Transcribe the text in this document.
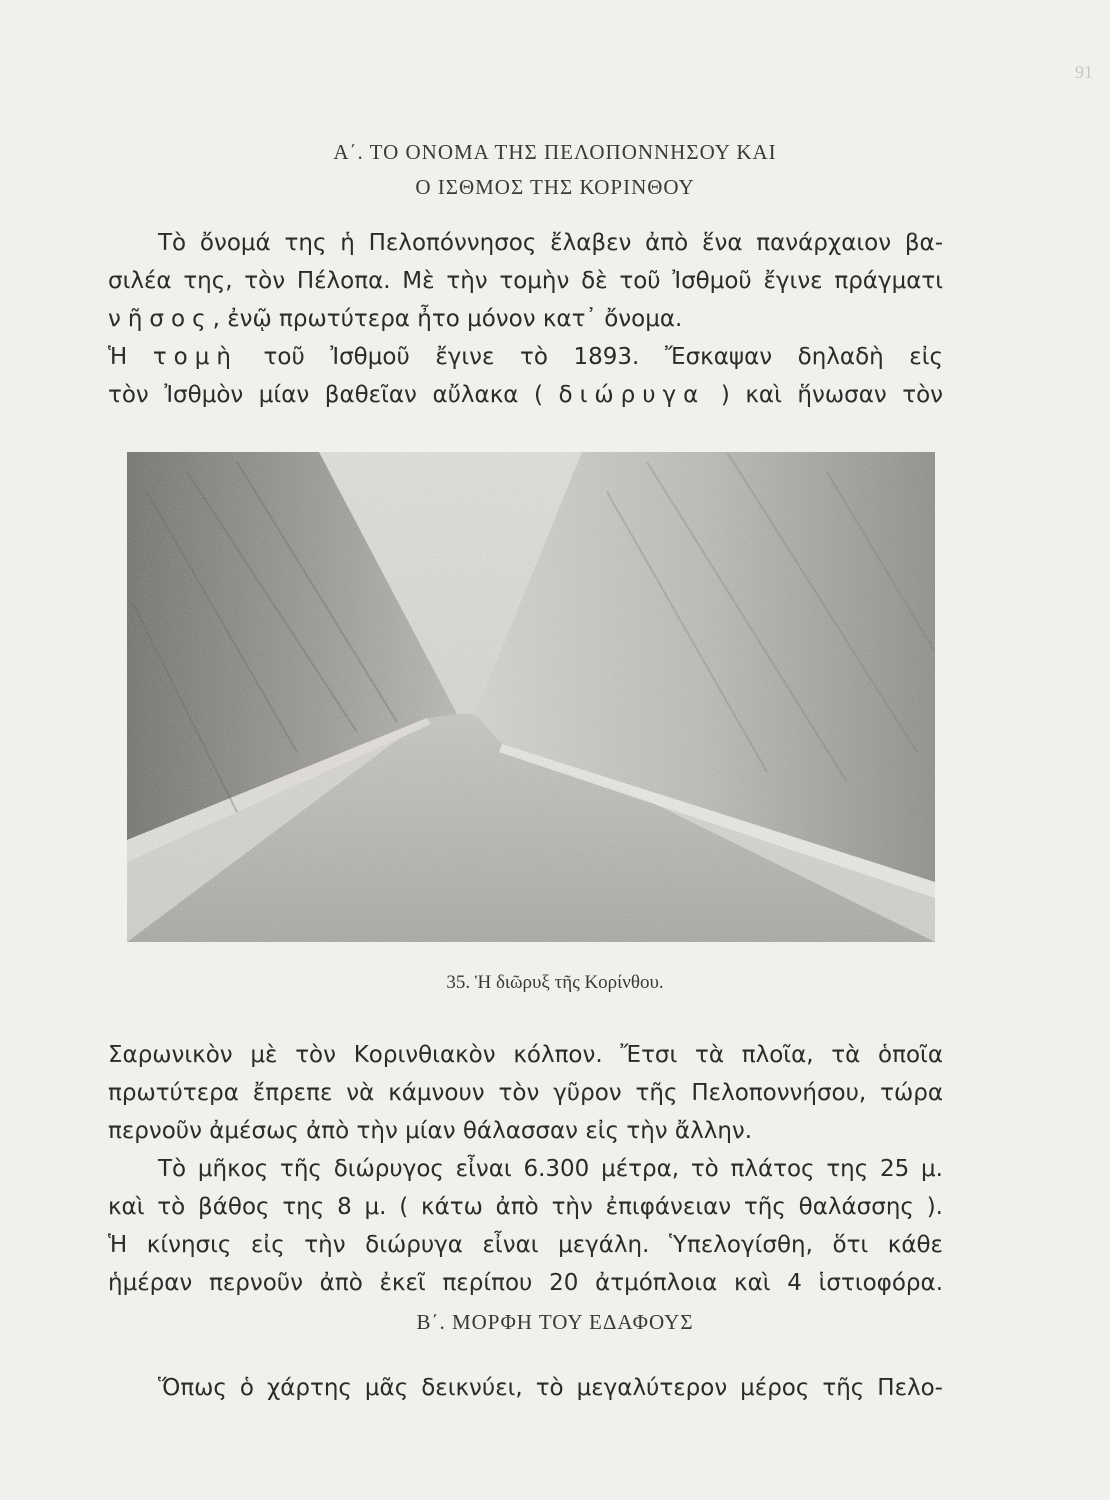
91
Α΄. ΤΟ ΟΝΟΜΑ ΤΗΣ ΠΕΛΟΠΟΝΝΗΣΟΥ ΚΑΙ
Ο ΙΣΘΜΟΣ ΤΗΣ ΚΟΡΙΝΘΟΥ
Τὸ ὄνομά της ἡ Πελοπόννησος ἔλαβεν ἀπὸ ἕνα πανάρχαιον βα-
σιλέα της, τὸν Πέλοπα. Μὲ τὴν τομὴν δὲ τοῦ Ἰσθμοῦ ἔγινε πράγματι
νῆσος, ἐνῷ πρωτύτερα ἦτο μόνον κατ᾽ ὄνομα.
Ἡ τομὴ τοῦ Ἰσθμοῦ ἔγινε τὸ 1893. Ἔσκαψαν δηλαδὴ εἰς
τὸν Ἰσθμὸν μίαν βαθεῖαν αὔλακα ( διώρυγα ) καὶ ἥνωσαν τὸν
35. Ἡ διῶρυξ τῆς Κορίνθου.
Σαρωνικὸν μὲ τὸν Κορινθιακὸν κόλπον. Ἔτσι τὰ πλοῖα, τὰ ὁποῖα
πρωτύτερα ἔπρεπε νὰ κάμνουν τὸν γῦρον τῆς Πελοποννήσου, τώρα
περνοῦν ἀμέσως ἀπὸ τὴν μίαν θάλασσαν εἰς τὴν ἄλλην.
Τὸ μῆκος τῆς διώρυγος εἶναι 6.300 μέτρα, τὸ πλάτος της 25 μ.
καὶ τὸ βάθος της 8 μ. ( κάτω ἀπὸ τὴν ἐπιφάνειαν τῆς θαλάσσης ).
Ἡ κίνησις εἰς τὴν διώρυγα εἶναι μεγάλη. Ὑπελογίσθη, ὅτι κάθε
ἡμέραν περνοῦν ἀπὸ ἐκεῖ περίπου 20 ἀτμόπλοια καὶ 4 ἱστιοφόρα.
Β΄. ΜΟΡΦΗ ΤΟΥ ΕΔΑΦΟΥΣ
Ὅπως ὁ χάρτης μᾶς δεικνύει, τὸ μεγαλύτερον μέρος τῆς Πελο-
